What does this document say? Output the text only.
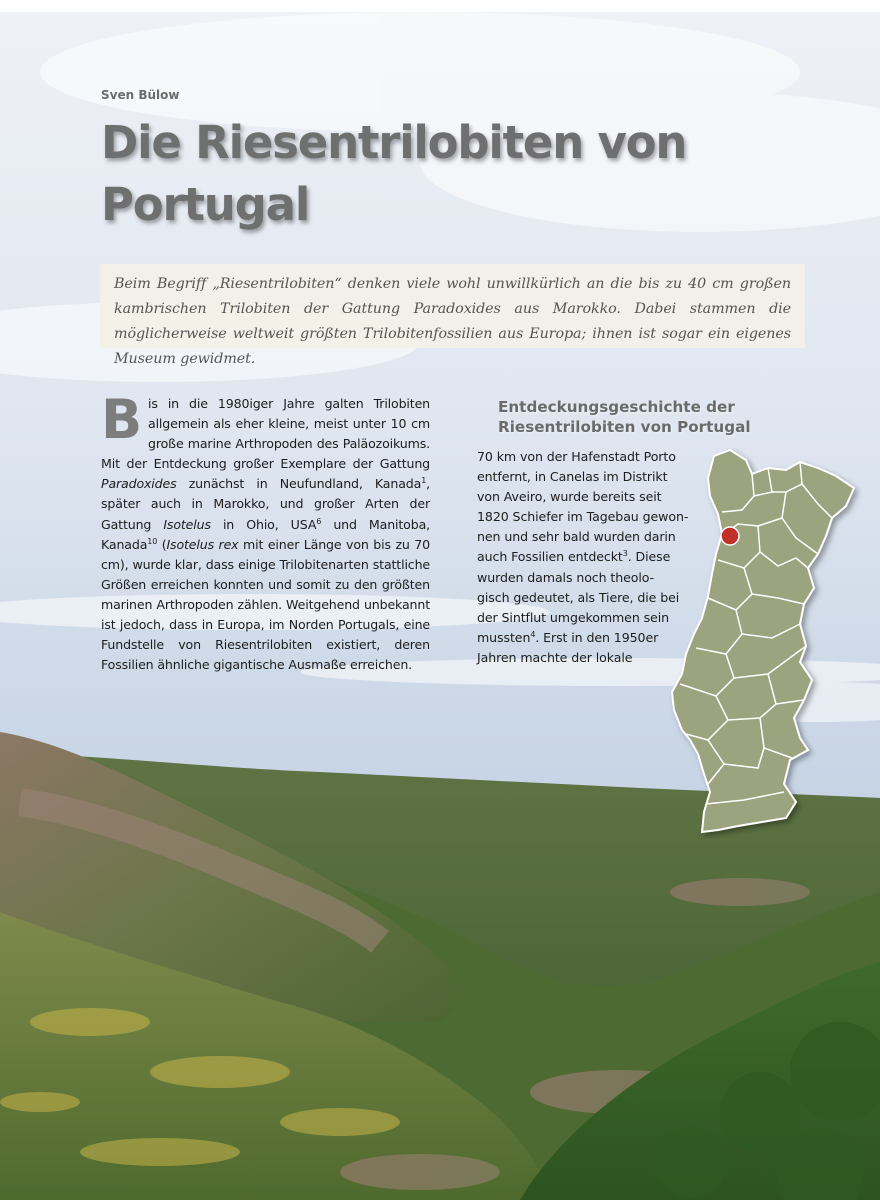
Sven Bülow
Die Riesentrilobiten von
Portugal

Beim Begriff „Riesentrilobiten“ denken viele wohl unwillkürlich an die bis zu 40 cm großen kambrischen Trilobiten der Gattung Paradoxides aus Marokko. Dabei stammen die möglicherweise weltweit größten Trilobitenfossilien aus Europa; ihnen ist sogar ein eigenes Museum gewidmet.

B is in die 1980iger Jahre galten Trilobiten allgemein als eher kleine, meist unter 10 cm große marine Arthropoden des Paläozoikums. Mit der Entdeckung großer Exemplare der Gattung Paradoxides zunächst in Neufundland, Kanada$^1$, später auch in Marokko, und großer Arten der Gattung Isotelus in Ohio, USA$^6$ und Manitoba, Kanada$^{10}$ (Isotelus rex mit einer Länge von bis zu 70 cm), wurde klar, dass einige Trilobitenarten stattliche Größen erreichen konnten und somit zu den größten marinen Arthropoden zählen. Weitgehend unbekannt ist jedoch, dass in Europa, im Norden Portugals, eine Fundstelle von Riesentrilobiten existiert, deren Fossilien ähnliche gigantische Ausmaße erreichen.

Entdeckungsgeschichte der
Riesentrilobiten von Portugal

70 km von der Hafenstadt Porto
entfernt, in Canelas im Distrikt
von Aveiro, wurde bereits seit
1820 Schiefer im Tagebau gewon-
nen und sehr bald wurden darin
auch Fossilien entdeckt$^3$. Diese
wurden damals noch theolo-
gisch gedeutet, als Tiere, die bei
der Sintflut umgekommen sein
mussten$^4$. Erst in den 1950er
Jahren machte der lokale
